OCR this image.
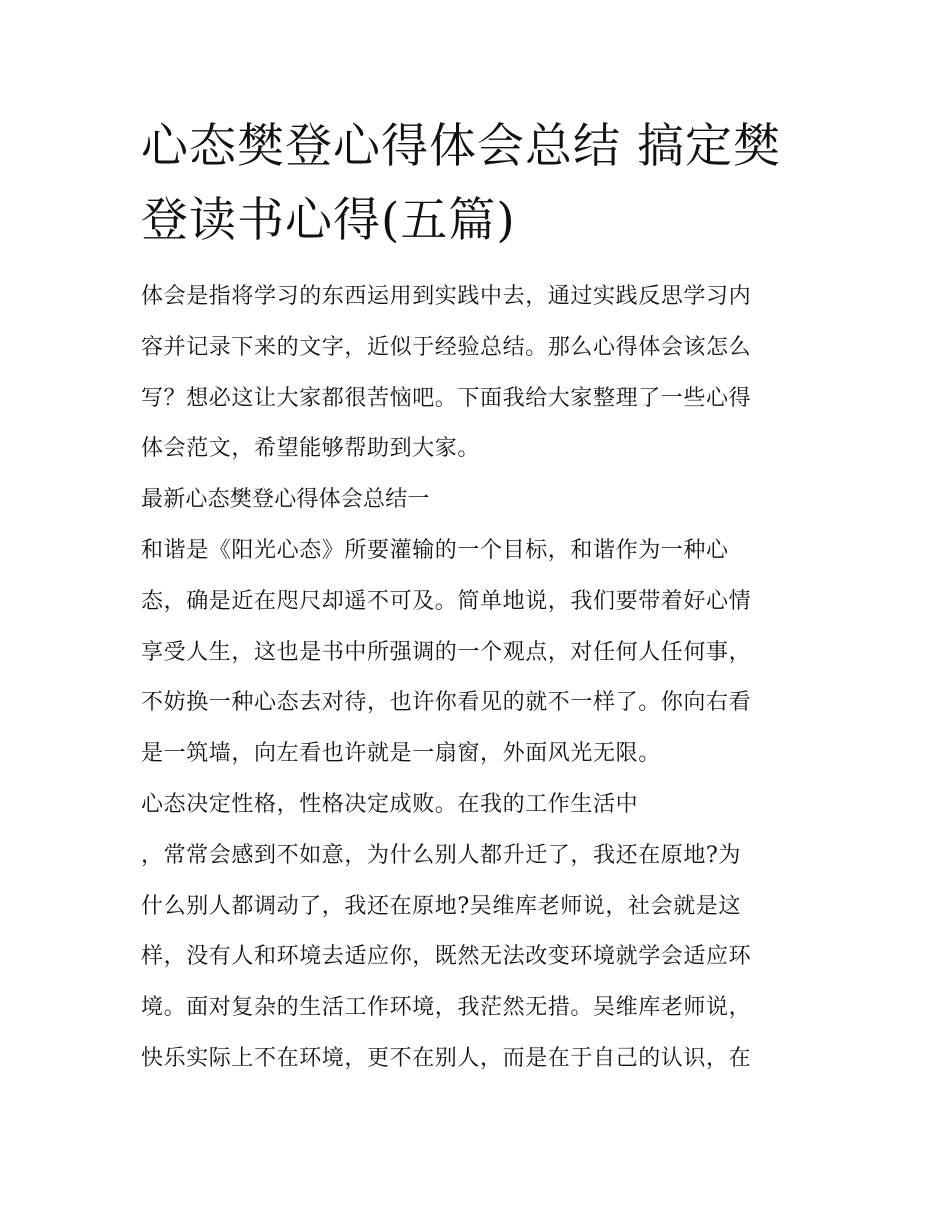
心态樊登心得体会总结 搞定樊
登读书心得(五篇)
体会是指将学习的东西运用到实践中去，通过实践反思学习内
容并记录下来的文字，近似于经验总结。那么心得体会该怎么
写？想必这让大家都很苦恼吧。下面我给大家整理了一些心得
体会范文，希望能够帮助到大家。
最新心态樊登心得体会总结一
和谐是《阳光心态》所要灌输的一个目标，和谐作为一种心
态，确是近在咫尺却遥不可及。简单地说，我们要带着好心情
享受人生，这也是书中所强调的一个观点，对任何人任何事，
不妨换一种心态去对待，也许你看见的就不一样了。你向右看
是一筑墙，向左看也许就是一扇窗，外面风光无限。
心态决定性格，性格决定成败。在我的工作生活中
，常常会感到不如意，为什么别人都升迁了，我还在原地?为
什么别人都调动了，我还在原地?吴维库老师说，社会就是这
样，没有人和环境去适应你，既然无法改变环境就学会适应环
境。面对复杂的生活工作环境，我茫然无措。吴维库老师说，
快乐实际上不在环境，更不在别人，而是在于自己的认识，在
